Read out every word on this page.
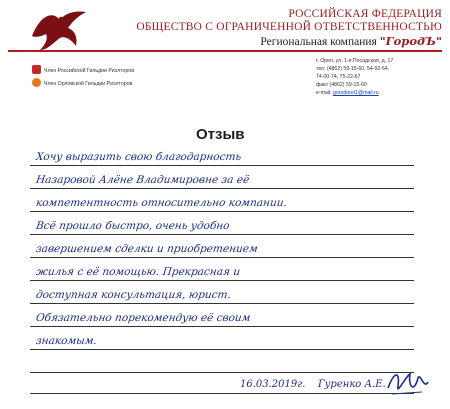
РОССИЙСКАЯ ФЕДЕРАЦИЯ
ОБЩЕСТВО С ОГРАНИЧЕННОЙ ОТВЕТСТВЕННОСТЬЮ
Региональная компания "ГородЪ"
Член Российской Гильдии Риэлторов
Член Орловской Гильдии Риэлторов
г. Орел, ул. 1-я Посадская, д. 17
тел. (4862) 59-15-60, 54-92-54,
74-00-74, 75-22-67
факс (4862) 59-15-60
e-mail: gorodorel1@mail.ru
Отзыв
Хочу выразить свою благодарность
Назаровой Алёне Владимировне за её
компетентность относительно компании.
Всё прошло быстро, очень удобно
завершением сделки и приобретением
жилья с её помощью. Прекрасная и
доступная консультация, юрист.
Обязательно порекомендую её своим
знакомым.
16.03.2019г. Гуренко А.Е.
